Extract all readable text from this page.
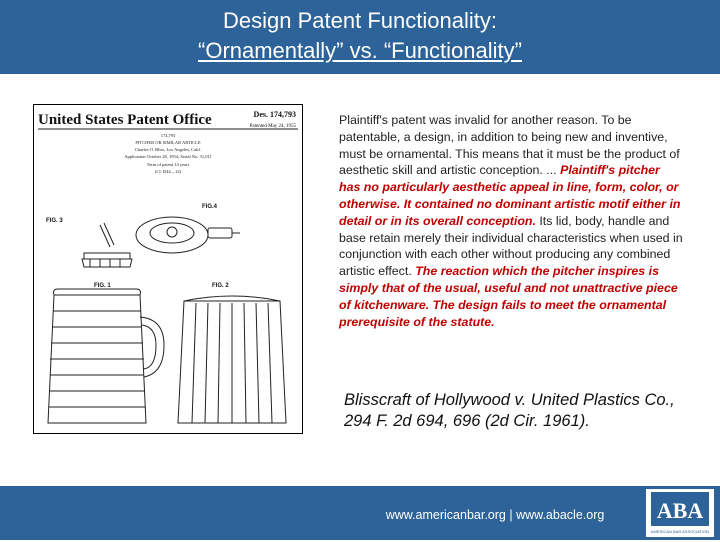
Design Patent Functionality:
“Ornamentally” vs. “Functionality”
United States Patent Office	Des. 174,793
Patented May 24, 1955
174,793
PITCHER OR SIMILAR ARTICLE
Charles O. Bliss, Los Angeles, Calif.
Application October 28, 1954, Serial No. 31,011
Term of patent 14 years
(Cl. D44—12)
FIG. 3
FIG.4
FIG. 1	FIG. 2
Plaintiff's patent was invalid for another reason. To be patentable, a design, in addition to being new and inventive, must be ornamental. This means that it must be the product of aesthetic skill and artistic conception. ... Plaintiff's pitcher has no particularly aesthetic appeal in line, form, color, or otherwise. It contained no dominant artistic motif either in detail or in its overall conception. Its lid, body, handle and base retain merely their individual characteristics when used in conjunction with each other without producing any combined artistic effect. The reaction which the pitcher inspires is simply that of the usual, useful and not unattractive piece of kitchenware. The design fails to meet the ornamental prerequisite of the statute.
Blisscraft of Hollywood v. United Plastics Co., 294 F. 2d 694, 696 (2d Cir. 1961).
www.americanbar.org | www.abacle.org	ABA
AMERICAN BAR ASSOCIATION
